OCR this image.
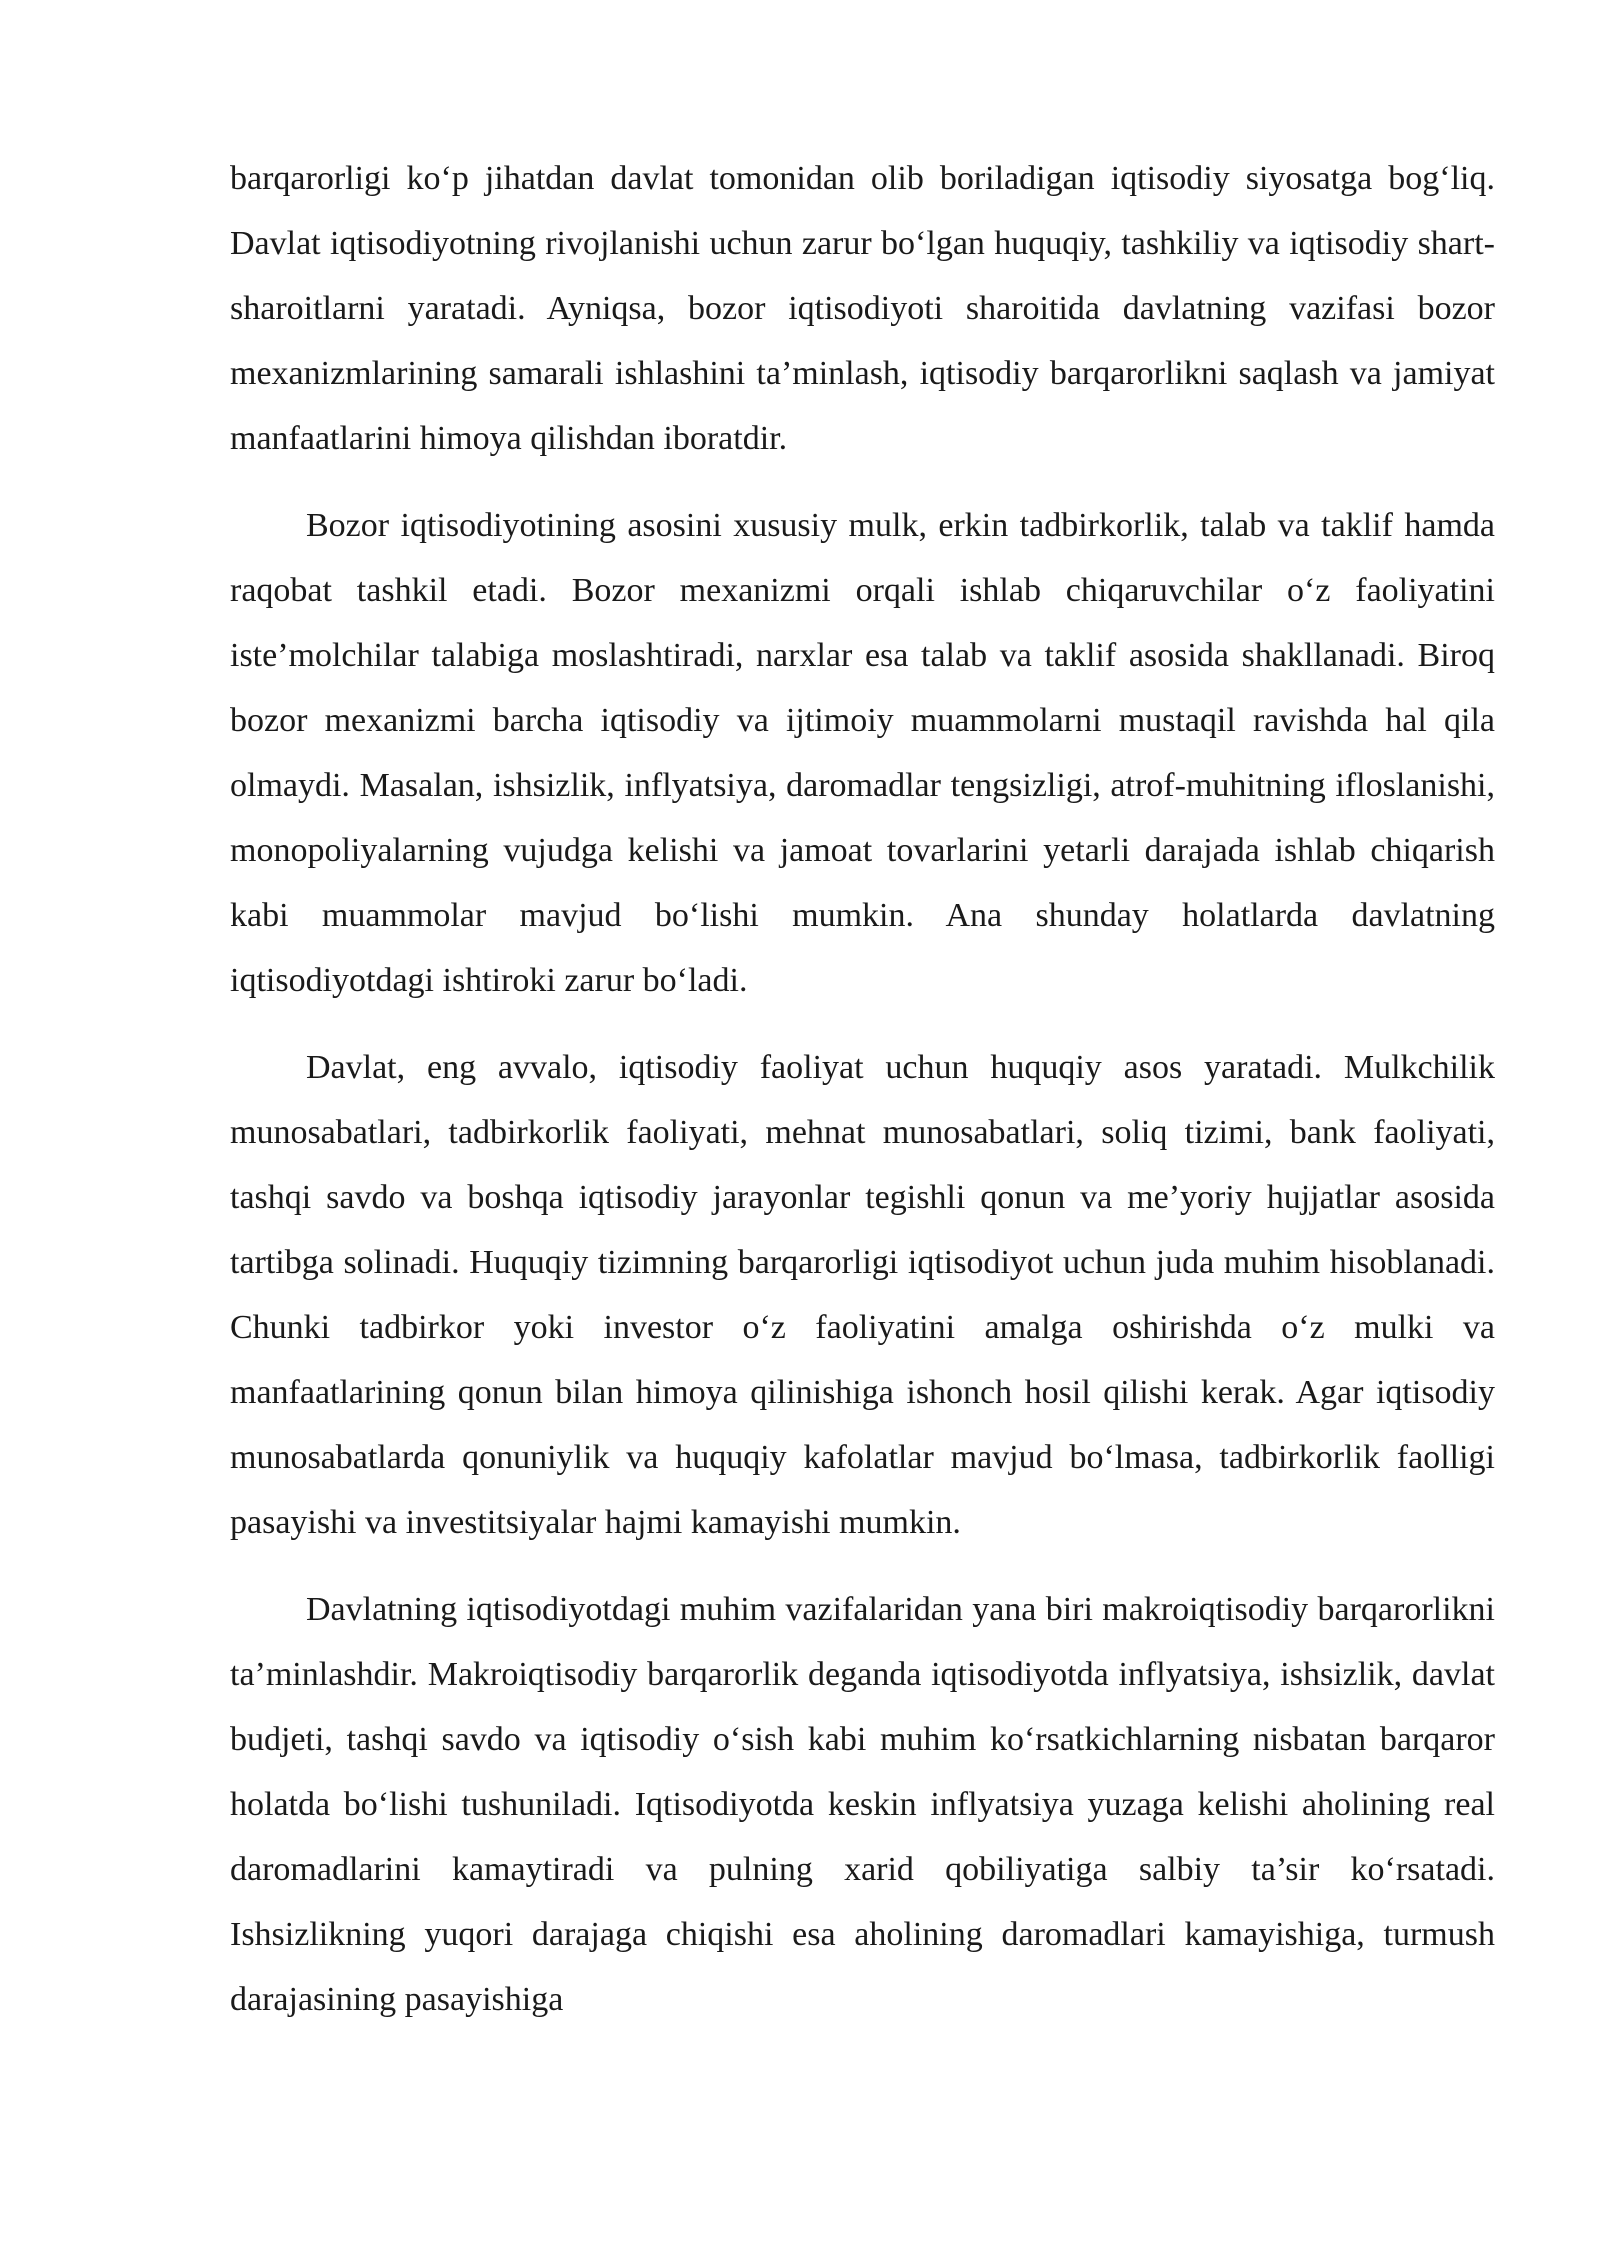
barqarorligi ko‘p jihatdan davlat tomonidan olib boriladigan iqtisodiy siyosatga bog‘liq. Davlat iqtisodiyotning rivojlanishi uchun zarur bo‘lgan huquqiy, tashkiliy va iqtisodiy shart-sharoitlarni yaratadi. Ayniqsa, bozor iqtisodiyoti sharoitida davlatning vazifasi bozor mexanizmlarining samarali ishlashini ta’minlash, iqtisodiy barqarorlikni saqlash va jamiyat manfaatlarini himoya qilishdan iboratdir.

Bozor iqtisodiyotining asosini xususiy mulk, erkin tadbirkorlik, talab va taklif hamda raqobat tashkil etadi. Bozor mexanizmi orqali ishlab chiqaruvchilar o‘z faoliyatini iste’molchilar talabiga moslashtiradi, narxlar esa talab va taklif asosida shakllanadi. Biroq bozor mexanizmi barcha iqtisodiy va ijtimoiy muammolarni mustaqil ravishda hal qila olmaydi. Masalan, ishsizlik, inflyatsiya, daromadlar tengsizligi, atrof-muhitning ifloslanishi, monopoliyalarning vujudga kelishi va jamoat tovarlarini yetarli darajada ishlab chiqarish kabi muammolar mavjud bo‘lishi mumkin. Ana shunday holatlarda davlatning iqtisodiyotdagi ishtiroki zarur bo‘ladi.

Davlat, eng avvalo, iqtisodiy faoliyat uchun huquqiy asos yaratadi. Mulkchilik munosabatlari, tadbirkorlik faoliyati, mehnat munosabatlari, soliq tizimi, bank faoliyati, tashqi savdo va boshqa iqtisodiy jarayonlar tegishli qonun va me’yoriy hujjatlar asosida tartibga solinadi. Huquqiy tizimning barqarorligi iqtisodiyot uchun juda muhim hisoblanadi. Chunki tadbirkor yoki investor o‘z faoliyatini amalga oshirishda o‘z mulki va manfaatlarining qonun bilan himoya qilinishiga ishonch hosil qilishi kerak. Agar iqtisodiy munosabatlarda qonuniylik va huquqiy kafolatlar mavjud bo‘lmasa, tadbirkorlik faolligi pasayishi va investitsiyalar hajmi kamayishi mumkin.

Davlatning iqtisodiyotdagi muhim vazifalaridan yana biri makroiqtisodiy barqarorlikni ta’minlashdir. Makroiqtisodiy barqarorlik deganda iqtisodiyotda inflyatsiya, ishsizlik, davlat budjeti, tashqi savdo va iqtisodiy o‘sish kabi muhim ko‘rsatkichlarning nisbatan barqaror holatda bo‘lishi tushuniladi. Iqtisodiyotda keskin inflyatsiya yuzaga kelishi aholining real daromadlarini kamaytiradi va pulning xarid qobiliyatiga salbiy ta’sir ko‘rsatadi. Ishsizlikning yuqori darajaga chiqishi esa aholining daromadlari kamayishiga, turmush darajasining pasayishiga
